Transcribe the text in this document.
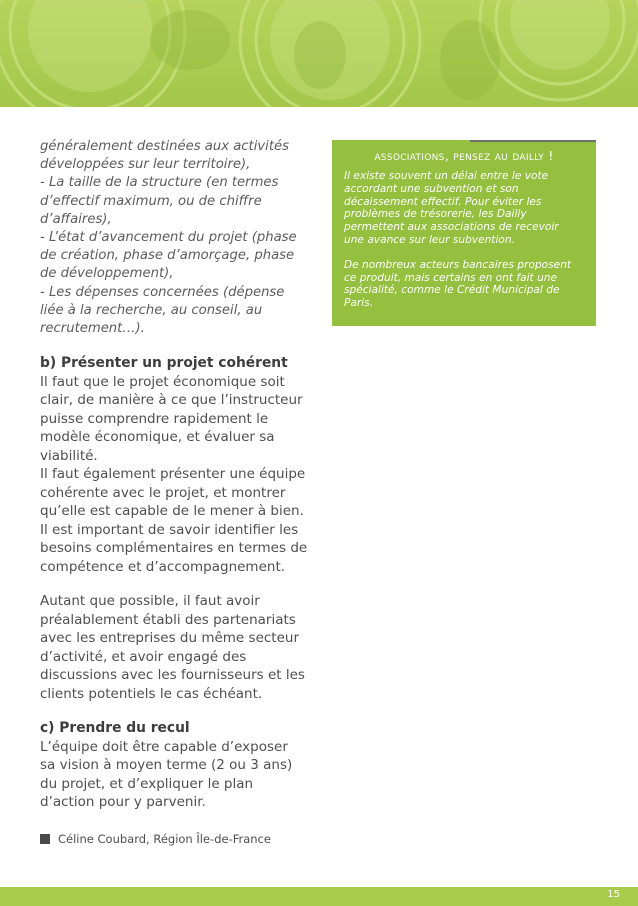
généralement destinées aux activités

développées sur leur territoire),

- La taille de la structure (en termes

d’effectif maximum, ou de chiffre

d’affaires),

- L’état d’avancement du projet (phase

de création, phase d’amorçage, phase

de développement),

- Les dépenses concernées (dépense

liée à la recherche, au conseil, au

recrutement…).

b) Présenter un projet cohérent

Il faut que le projet économique soit

clair, de manière à ce que l’instructeur

puisse comprendre rapidement le

modèle économique, et évaluer sa

viabilité.

Il faut également présenter une équipe

cohérente avec le projet, et montrer

qu’elle est capable de le mener à bien.

Il est important de savoir identifier les

besoins complémentaires en termes de

compétence et d’accompagnement.

Autant que possible, il faut avoir

préalablement établi des partenariats

avec les entreprises du même secteur

d’activité, et avoir engagé des

discussions avec les fournisseurs et les

clients potentiels le cas échéant.

c) Prendre du recul

L’équipe doit être capable d’exposer

sa vision à moyen terme (2 ou 3 ans)

du projet, et d’expliquer le plan

d’action pour y parvenir.

Céline Coubard, Région Île-de-France
associations, pensez au dailly !

Il existe souvent un délai entre le vote

accordant une subvention et son

décaissement effectif. Pour éviter les

problèmes de trésorerie, les Dailly

permettent aux associations de recevoir

une avance sur leur subvention.

De nombreux acteurs bancaires proposent

ce produit, mais certains en ont fait une

spécialité, comme le Crédit Municipal de

Paris.

15
